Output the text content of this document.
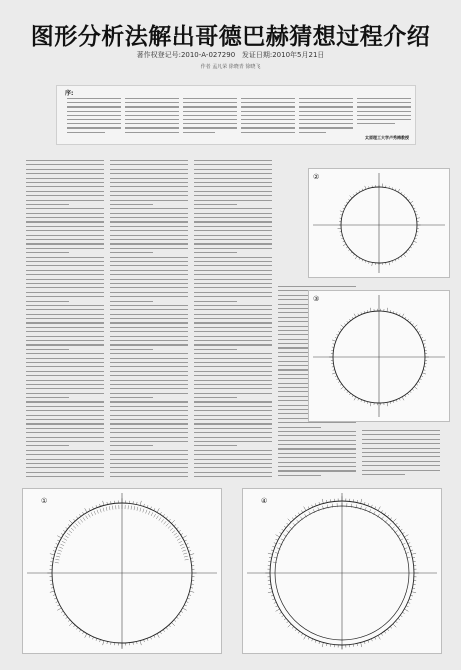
图形分析法解出哥德巴赫猜想过程介绍
著作权登记号:2010-A-027290 发证日期:2010年5月21日
作者 孟凡荣 徐晓青 徐晓飞
序:
太原理工大学卢秀梅教授
②
③
①	④
